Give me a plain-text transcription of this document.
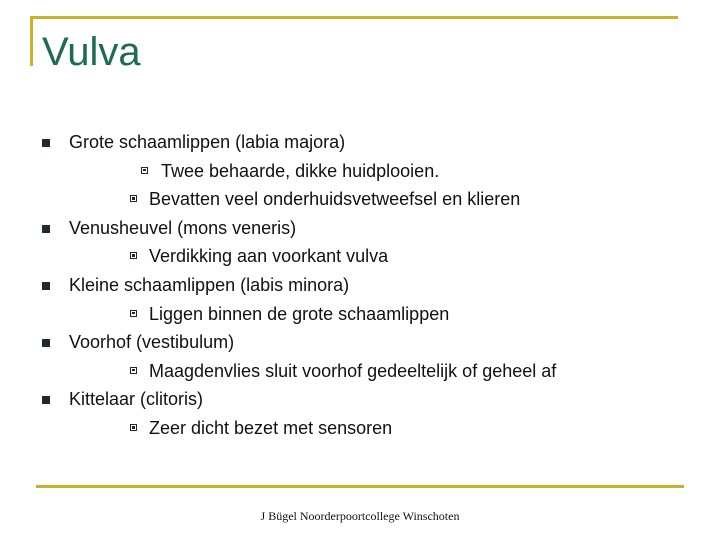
Vulva
Grote schaamlippen (labia majora)
Twee behaarde, dikke huidplooien.
Bevatten veel onderhuidsvetweefsel en klieren
Venusheuvel (mons veneris)
Verdikking aan voorkant vulva
Kleine schaamlippen (labis minora)
Liggen binnen de grote schaamlippen
Voorhof (vestibulum)
Maagdenvlies sluit voorhof gedeeltelijk of geheel af
Kittelaar (clitoris)
Zeer dicht bezet met sensoren
J Bügel Noorderpoortcollege Winschoten
